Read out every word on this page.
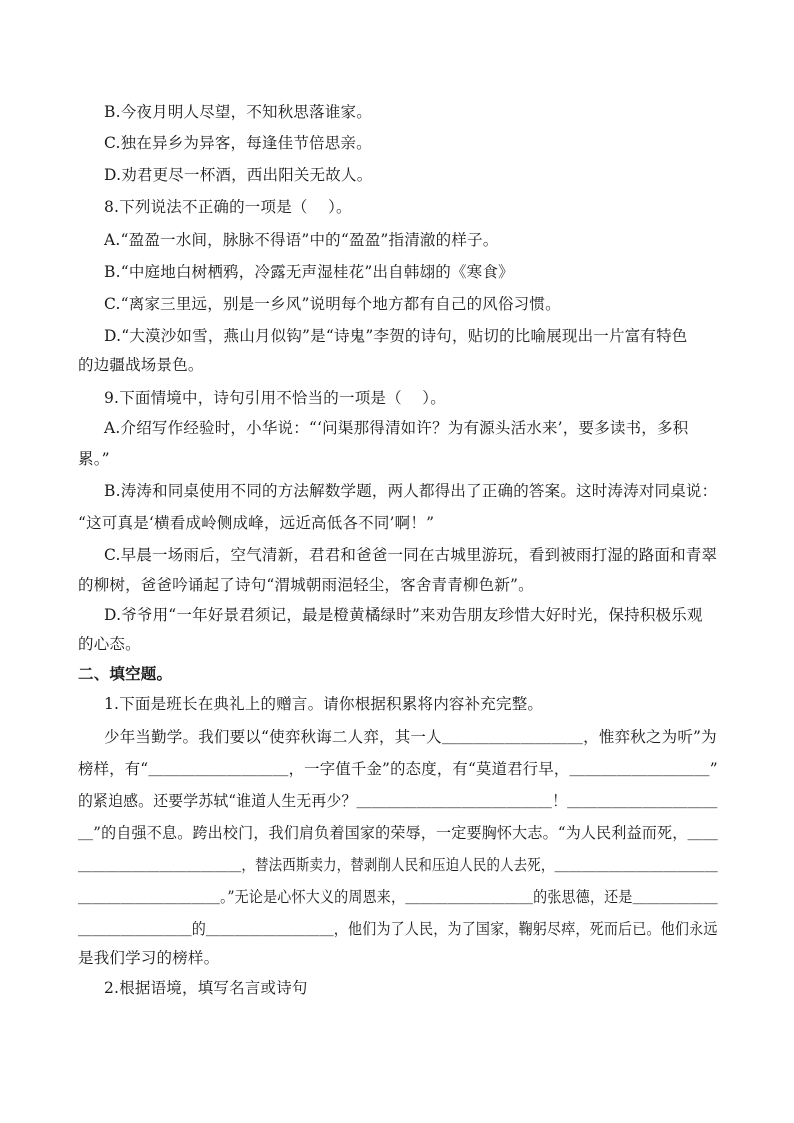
B.今夜月明人尽望，不知秋思落谁家。
C.独在异乡为异客，每逢佳节倍思亲。
D.劝君更尽一杯酒，西出阳关无故人。
8.下列说法不正确的一项是（    ）。
A.“盈盈一水间，脉脉不得语”中的“盈盈”指清澈的样子。
B.“中庭地白树栖鸦，冷露无声湿桂花”出自韩翃的《寒食》
C.“离家三里远，别是一乡风”说明每个地方都有自己的风俗习惯。
D.“大漠沙如雪，燕山月似钩”是“诗鬼”李贺的诗句，贴切的比喻展现出一片富有特色
的边疆战场景色。
9.下面情境中，诗句引用不恰当的一项是（    ）。
A.介绍写作经验时，小华说：“‘问渠那得清如许？为有源头活水来’，要多读书，多积
累。”
B.涛涛和同桌使用不同的方法解数学题，两人都得出了正确的答案。这时涛涛对同桌说：
“这可真是‘横看成岭侧成峰，远近高低各不同’啊！”
C.早晨一场雨后，空气清新，君君和爸爸一同在古城里游玩，看到被雨打湿的路面和青翠
的柳树，爸爸吟诵起了诗句“渭城朝雨浥轻尘，客舍青青柳色新”。
D.爷爷用“一年好景君须记，最是橙黄橘绿时”来劝告朋友珍惜大好时光，保持积极乐观
的心态。
二、填空题。
1.下面是班长在典礼上的赠言。请你根据积累将内容补充完整。
少年当勤学。我们要以“使弈秋诲二人弈，其一人＿＿＿＿＿＿＿＿＿，惟弈秋之为听”为
榜样，有“＿＿＿＿＿＿＿＿＿，一字值千金”的态度，有“莫道君行早，＿＿＿＿＿＿＿＿＿”
的紧迫感。还要学苏轼“谁道人生无再少？＿＿＿＿＿＿＿＿＿＿＿＿＿！＿＿＿＿＿＿＿＿＿＿
＿”的自强不息。跨出校门，我们肩负着国家的荣辱，一定要胸怀大志。“为人民利益而死，＿＿
＿＿＿＿＿＿＿＿＿＿＿＿，替法西斯卖力，替剥削人民和压迫人民的人去死，＿＿＿＿＿＿＿＿＿＿＿＿
＿＿＿＿＿＿＿＿＿＿。”无论是心怀大义的周恩来，＿＿＿＿＿＿＿＿＿的张思德，还是＿＿＿＿＿＿
＿＿＿＿＿＿＿＿的＿＿＿＿＿＿＿＿＿，他们为了人民，为了国家，鞠躬尽瘁，死而后已。他们永远
是我们学习的榜样。
2.根据语境，填写名言或诗句
